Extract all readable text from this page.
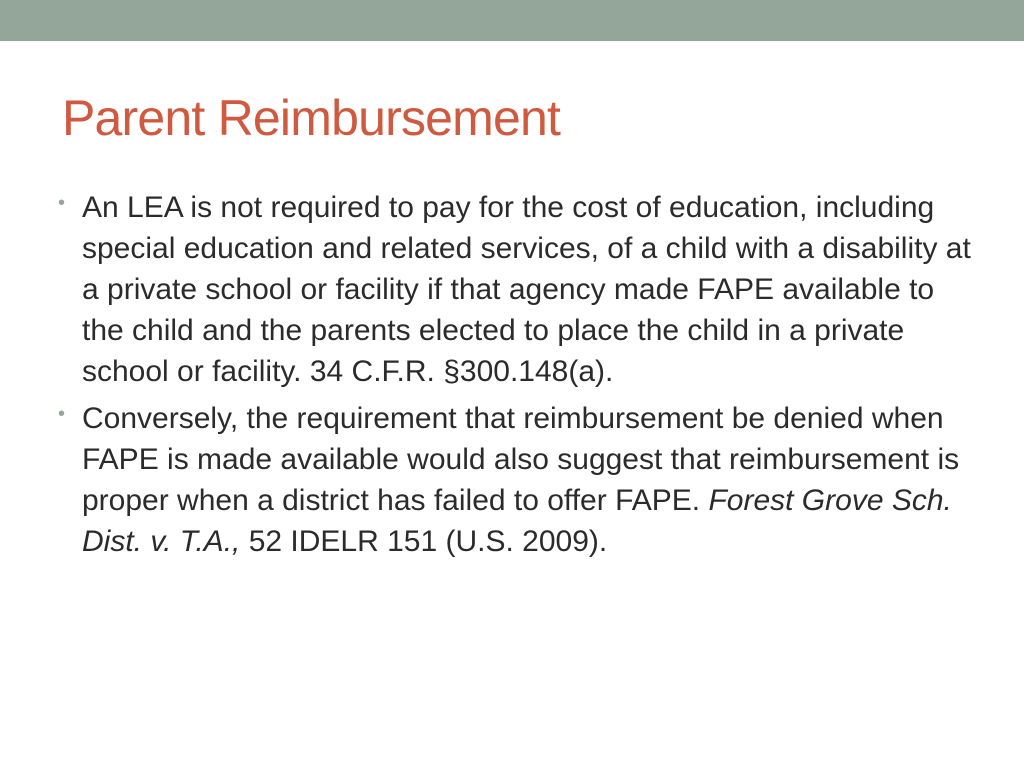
Parent Reimbursement
• An LEA is not required to pay for the cost of education, including special education and related services, of a child with a disability at a private school or facility if that agency made FAPE available to the child and the parents elected to place the child in a private school or facility. 34 C.F.R. §300.148(a).
• Conversely, the requirement that reimbursement be denied when FAPE is made available would also suggest that reimbursement is proper when a district has failed to offer FAPE. Forest Grove Sch. Dist. v. T.A., 52 IDELR 151 (U.S. 2009).
